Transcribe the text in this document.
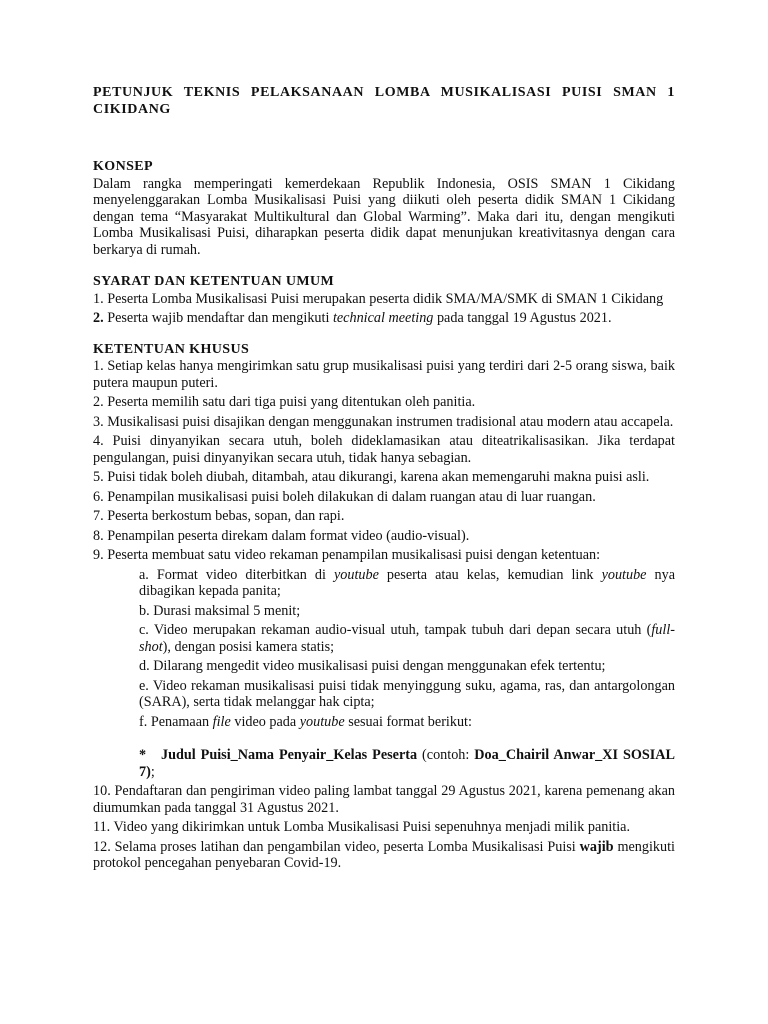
PETUNJUK TEKNIS PELAKSANAAN LOMBA MUSIKALISASI PUISI SMAN 1 CIKIDANG

KONSEP

Dalam rangka memperingati kemerdekaan Republik Indonesia, OSIS SMAN 1 Cikidang menyelenggarakan Lomba Musikalisasi Puisi yang diikuti oleh peserta didik SMAN 1 Cikidang dengan tema “Masyarakat Multikultural dan Global Warming”. Maka dari itu, dengan mengikuti Lomba Musikalisasi Puisi, diharapkan peserta didik dapat menunjukan kreativitasnya dengan cara berkarya di rumah.

SYARAT DAN KETENTUAN UMUM

1. Peserta Lomba Musikalisasi Puisi merupakan peserta didik SMA/MA/SMK di SMAN 1 Cikidang

2. Peserta wajib mendaftar dan mengikuti technical meeting pada tanggal 19 Agustus 2021.

KETENTUAN KHUSUS

1. Setiap kelas hanya mengirimkan satu grup musikalisasi puisi yang terdiri dari 2-5 orang siswa, baik putera maupun puteri.

2. Peserta memilih satu dari tiga puisi yang ditentukan oleh panitia.

3. Musikalisasi puisi disajikan dengan menggunakan instrumen tradisional atau modern atau accapela.

4. Puisi dinyanyikan secara utuh, boleh dideklamasikan atau diteatrikalisasikan. Jika terdapat pengulangan, puisi dinyanyikan secara utuh, tidak hanya sebagian.

5. Puisi tidak boleh diubah, ditambah, atau dikurangi, karena akan memengaruhi makna puisi asli.

6. Penampilan musikalisasi puisi boleh dilakukan di dalam ruangan atau di luar ruangan.

7. Peserta berkostum bebas, sopan, dan rapi.

8. Penampilan peserta direkam dalam format video (audio-visual).

9. Peserta membuat satu video rekaman penampilan musikalisasi puisi dengan ketentuan:

a. Format video diterbitkan di youtube peserta atau kelas, kemudian link youtube nya dibagikan kepada panita;

b. Durasi maksimal 5 menit;

c. Video merupakan rekaman audio-visual utuh, tampak tubuh dari depan secara utuh (full-shot), dengan posisi kamera statis;

d. Dilarang mengedit video musikalisasi puisi dengan menggunakan efek tertentu;

e. Video rekaman musikalisasi puisi tidak menyinggung suku, agama, ras, dan antargolongan (SARA), serta tidak melanggar hak cipta;

f. Penamaan file video pada youtube sesuai format berikut:

* Judul Puisi_Nama Penyair_Kelas Peserta (contoh: Doa_Chairil Anwar_XI SOSIAL 7);

10. Pendaftaran dan pengiriman video paling lambat tanggal 29 Agustus 2021, karena pemenang akan diumumkan pada tanggal 31 Agustus 2021.

11. Video yang dikirimkan untuk Lomba Musikalisasi Puisi sepenuhnya menjadi milik panitia.

12. Selama proses latihan dan pengambilan video, peserta Lomba Musikalisasi Puisi wajib mengikuti protokol pencegahan penyebaran Covid-19.
